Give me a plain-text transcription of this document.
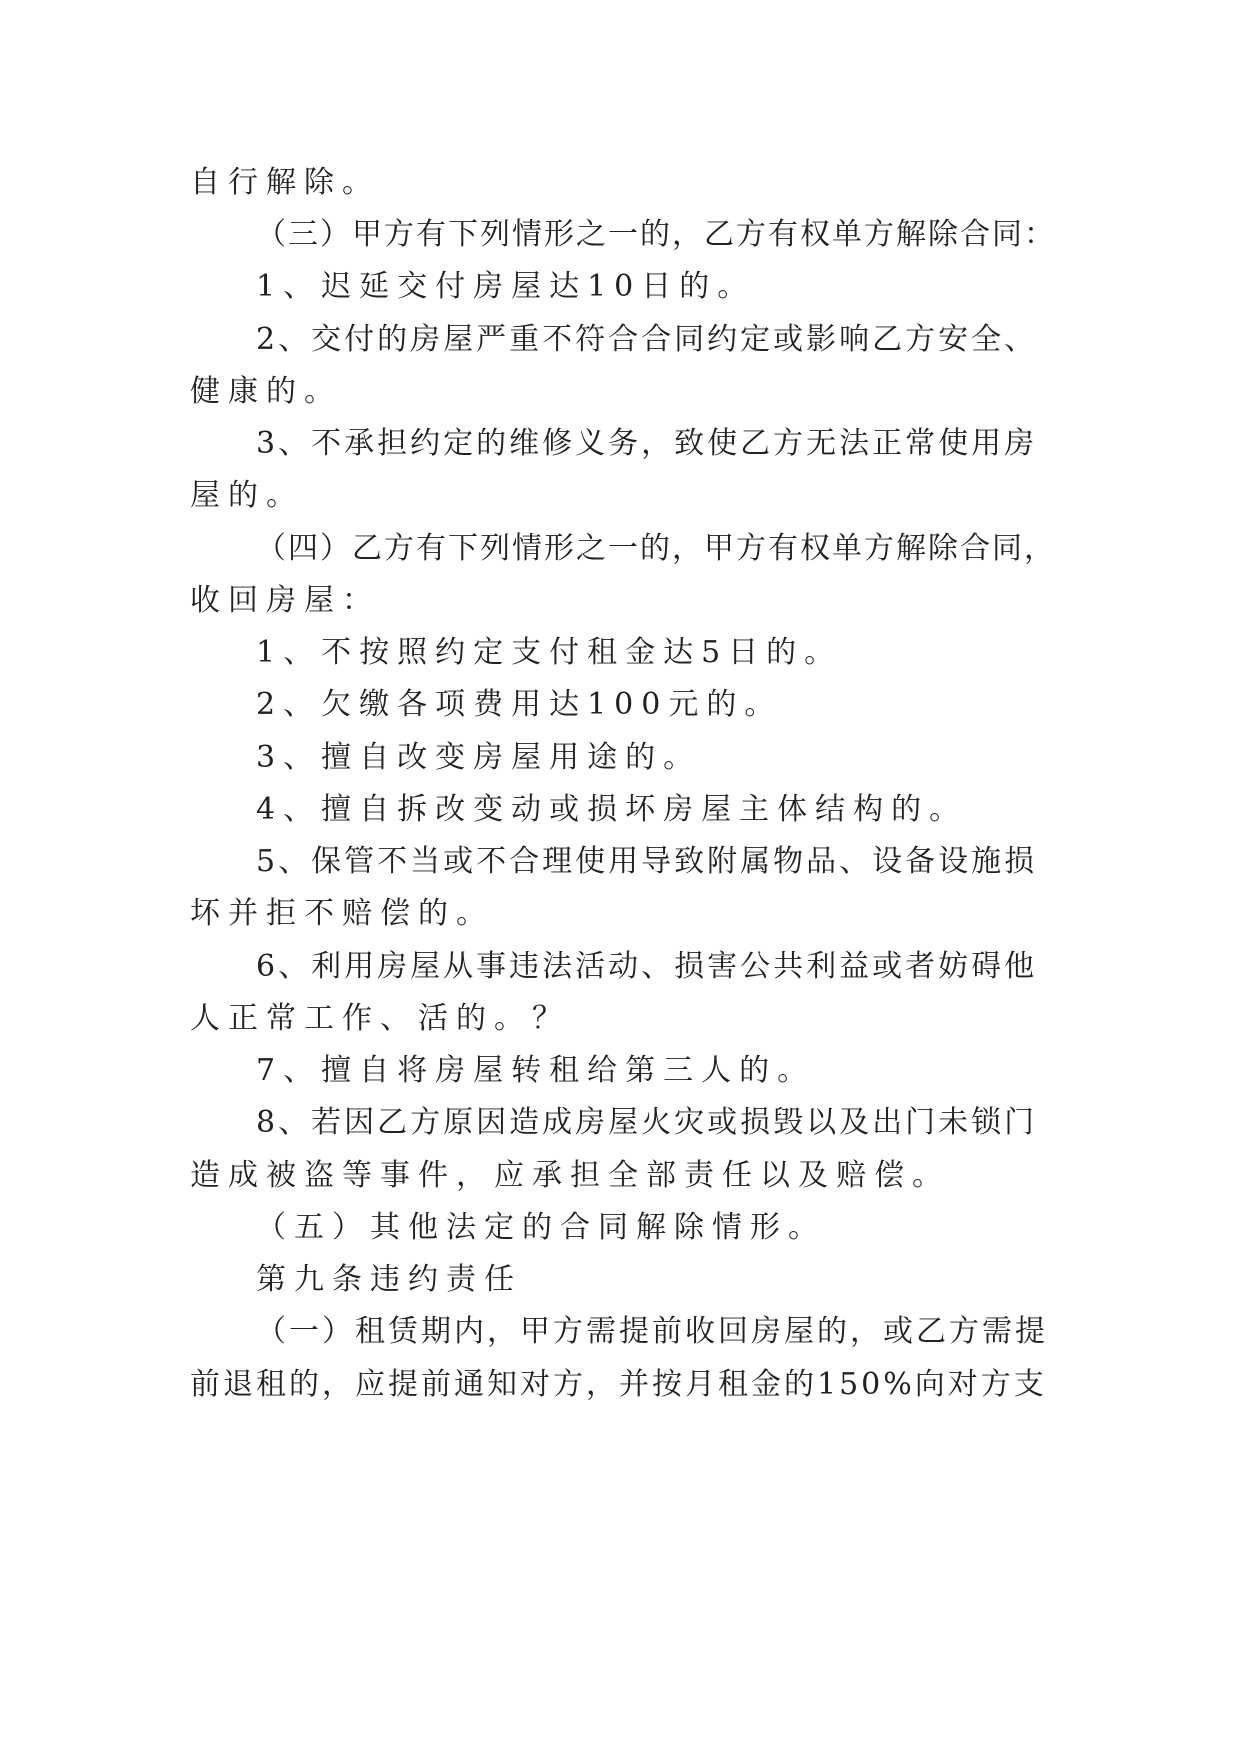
自行解除。
（三）甲方有下列情形之一的，乙方有权单方解除合同：
1、迟延交付房屋达10日的。
2、交付的房屋严重不符合合同约定或影响乙方安全、
健康的。
3、不承担约定的维修义务，致使乙方无法正常使用房
屋的。
（四）乙方有下列情形之一的，甲方有权单方解除合同，
收回房屋：
1、不按照约定支付租金达5日的。
2、欠缴各项费用达100元的。
3、擅自改变房屋用途的。
4、擅自拆改变动或损坏房屋主体结构的。
5、保管不当或不合理使用导致附属物品、设备设施损
坏并拒不赔偿的。
6、利用房屋从事违法活动、损害公共利益或者妨碍他
人正常工作、活的。？
7、擅自将房屋转租给第三人的。
8、若因乙方原因造成房屋火灾或损毁以及出门未锁门
造成被盗等事件，应承担全部责任以及赔偿。
（五）其他法定的合同解除情形。
第九条违约责任
（一）租赁期内，甲方需提前收回房屋的，或乙方需提
前退租的，应提前通知对方，并按月租金的150%向对方支
